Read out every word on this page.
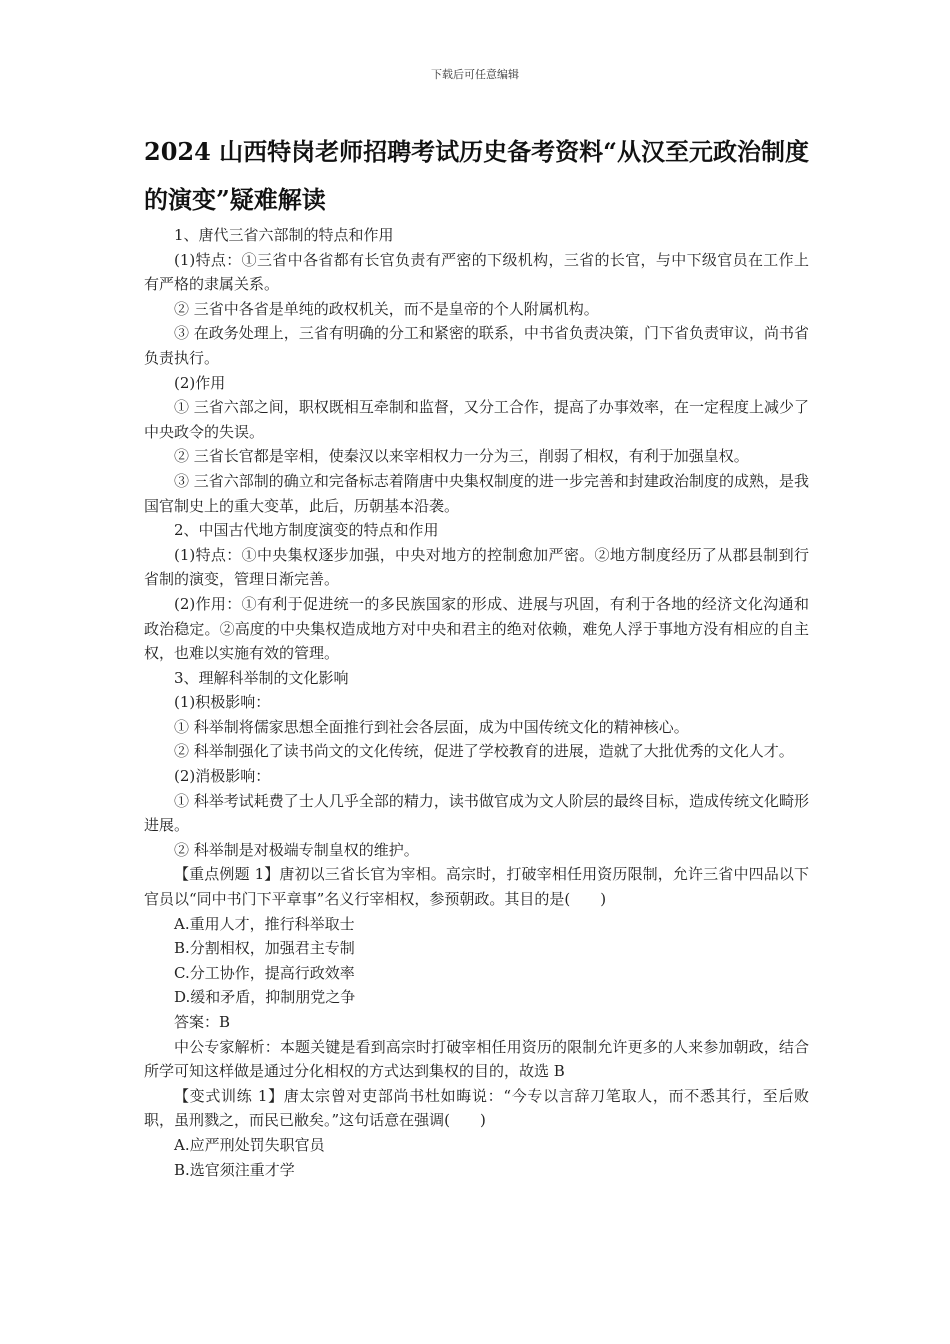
下载后可任意编辑
2024 山西特岗老师招聘考试历史备考资料“从汉至元政治制度的演变”疑难解读

1、唐代三省六部制的特点和作用

(1)特点：①三省中各省都有长官负责有严密的下级机构，三省的长官，与中下级官员在工作上有严格的隶属关系。

② 三省中各省是单纯的政权机关，而不是皇帝的个人附属机构。

③ 在政务处理上，三省有明确的分工和紧密的联系，中书省负责决策，门下省负责审议，尚书省负责执行。

(2)作用

① 三省六部之间，职权既相互牵制和监督，又分工合作，提高了办事效率，在一定程度上减少了中央政令的失误。

② 三省长官都是宰相，使秦汉以来宰相权力一分为三，削弱了相权，有利于加强皇权。

③ 三省六部制的确立和完备标志着隋唐中央集权制度的进一步完善和封建政治制度的成熟，是我国官制史上的重大变革，此后，历朝基本沿袭。

2、中国古代地方制度演变的特点和作用

(1)特点：①中央集权逐步加强，中央对地方的控制愈加严密。②地方制度经历了从郡县制到行省制的演变，管理日渐完善。

(2)作用：①有利于促进统一的多民族国家的形成、进展与巩固，有利于各地的经济文化沟通和政治稳定。②高度的中央集权造成地方对中央和君主的绝对依赖，难免人浮于事地方没有相应的自主权，也难以实施有效的管理。

3、理解科举制的文化影响

(1)积极影响：

① 科举制将儒家思想全面推行到社会各层面，成为中国传统文化的精神核心。

② 科举制强化了读书尚文的文化传统，促进了学校教育的进展，造就了大批优秀的文化人才。

(2)消极影响：

① 科举考试耗费了士人几乎全部的精力，读书做官成为文人阶层的最终目标，造成传统文化畸形进展。

② 科举制是对极端专制皇权的维护。

【重点例题 1】唐初以三省长官为宰相。高宗时，打破宰相任用资历限制，允许三省中四品以下官员以“同中书门下平章事”名义行宰相权，参预朝政。其目的是(　　)

A.重用人才，推行科举取士

B.分割相权，加强君主专制

C.分工协作，提高行政效率

D.缓和矛盾，抑制朋党之争

答案：B

中公专家解析：本题关键是看到高宗时打破宰相任用资历的限制允许更多的人来参加朝政，结合所学可知这样做是通过分化相权的方式达到集权的目的，故选 B

【变式训练 1】唐太宗曾对吏部尚书杜如晦说：“今专以言辞刀笔取人，而不悉其行，至后败职，虽刑戮之，而民已敝矣。”这句话意在强调(　　)

A.应严刑处罚失职官员

B.选官须注重才学
